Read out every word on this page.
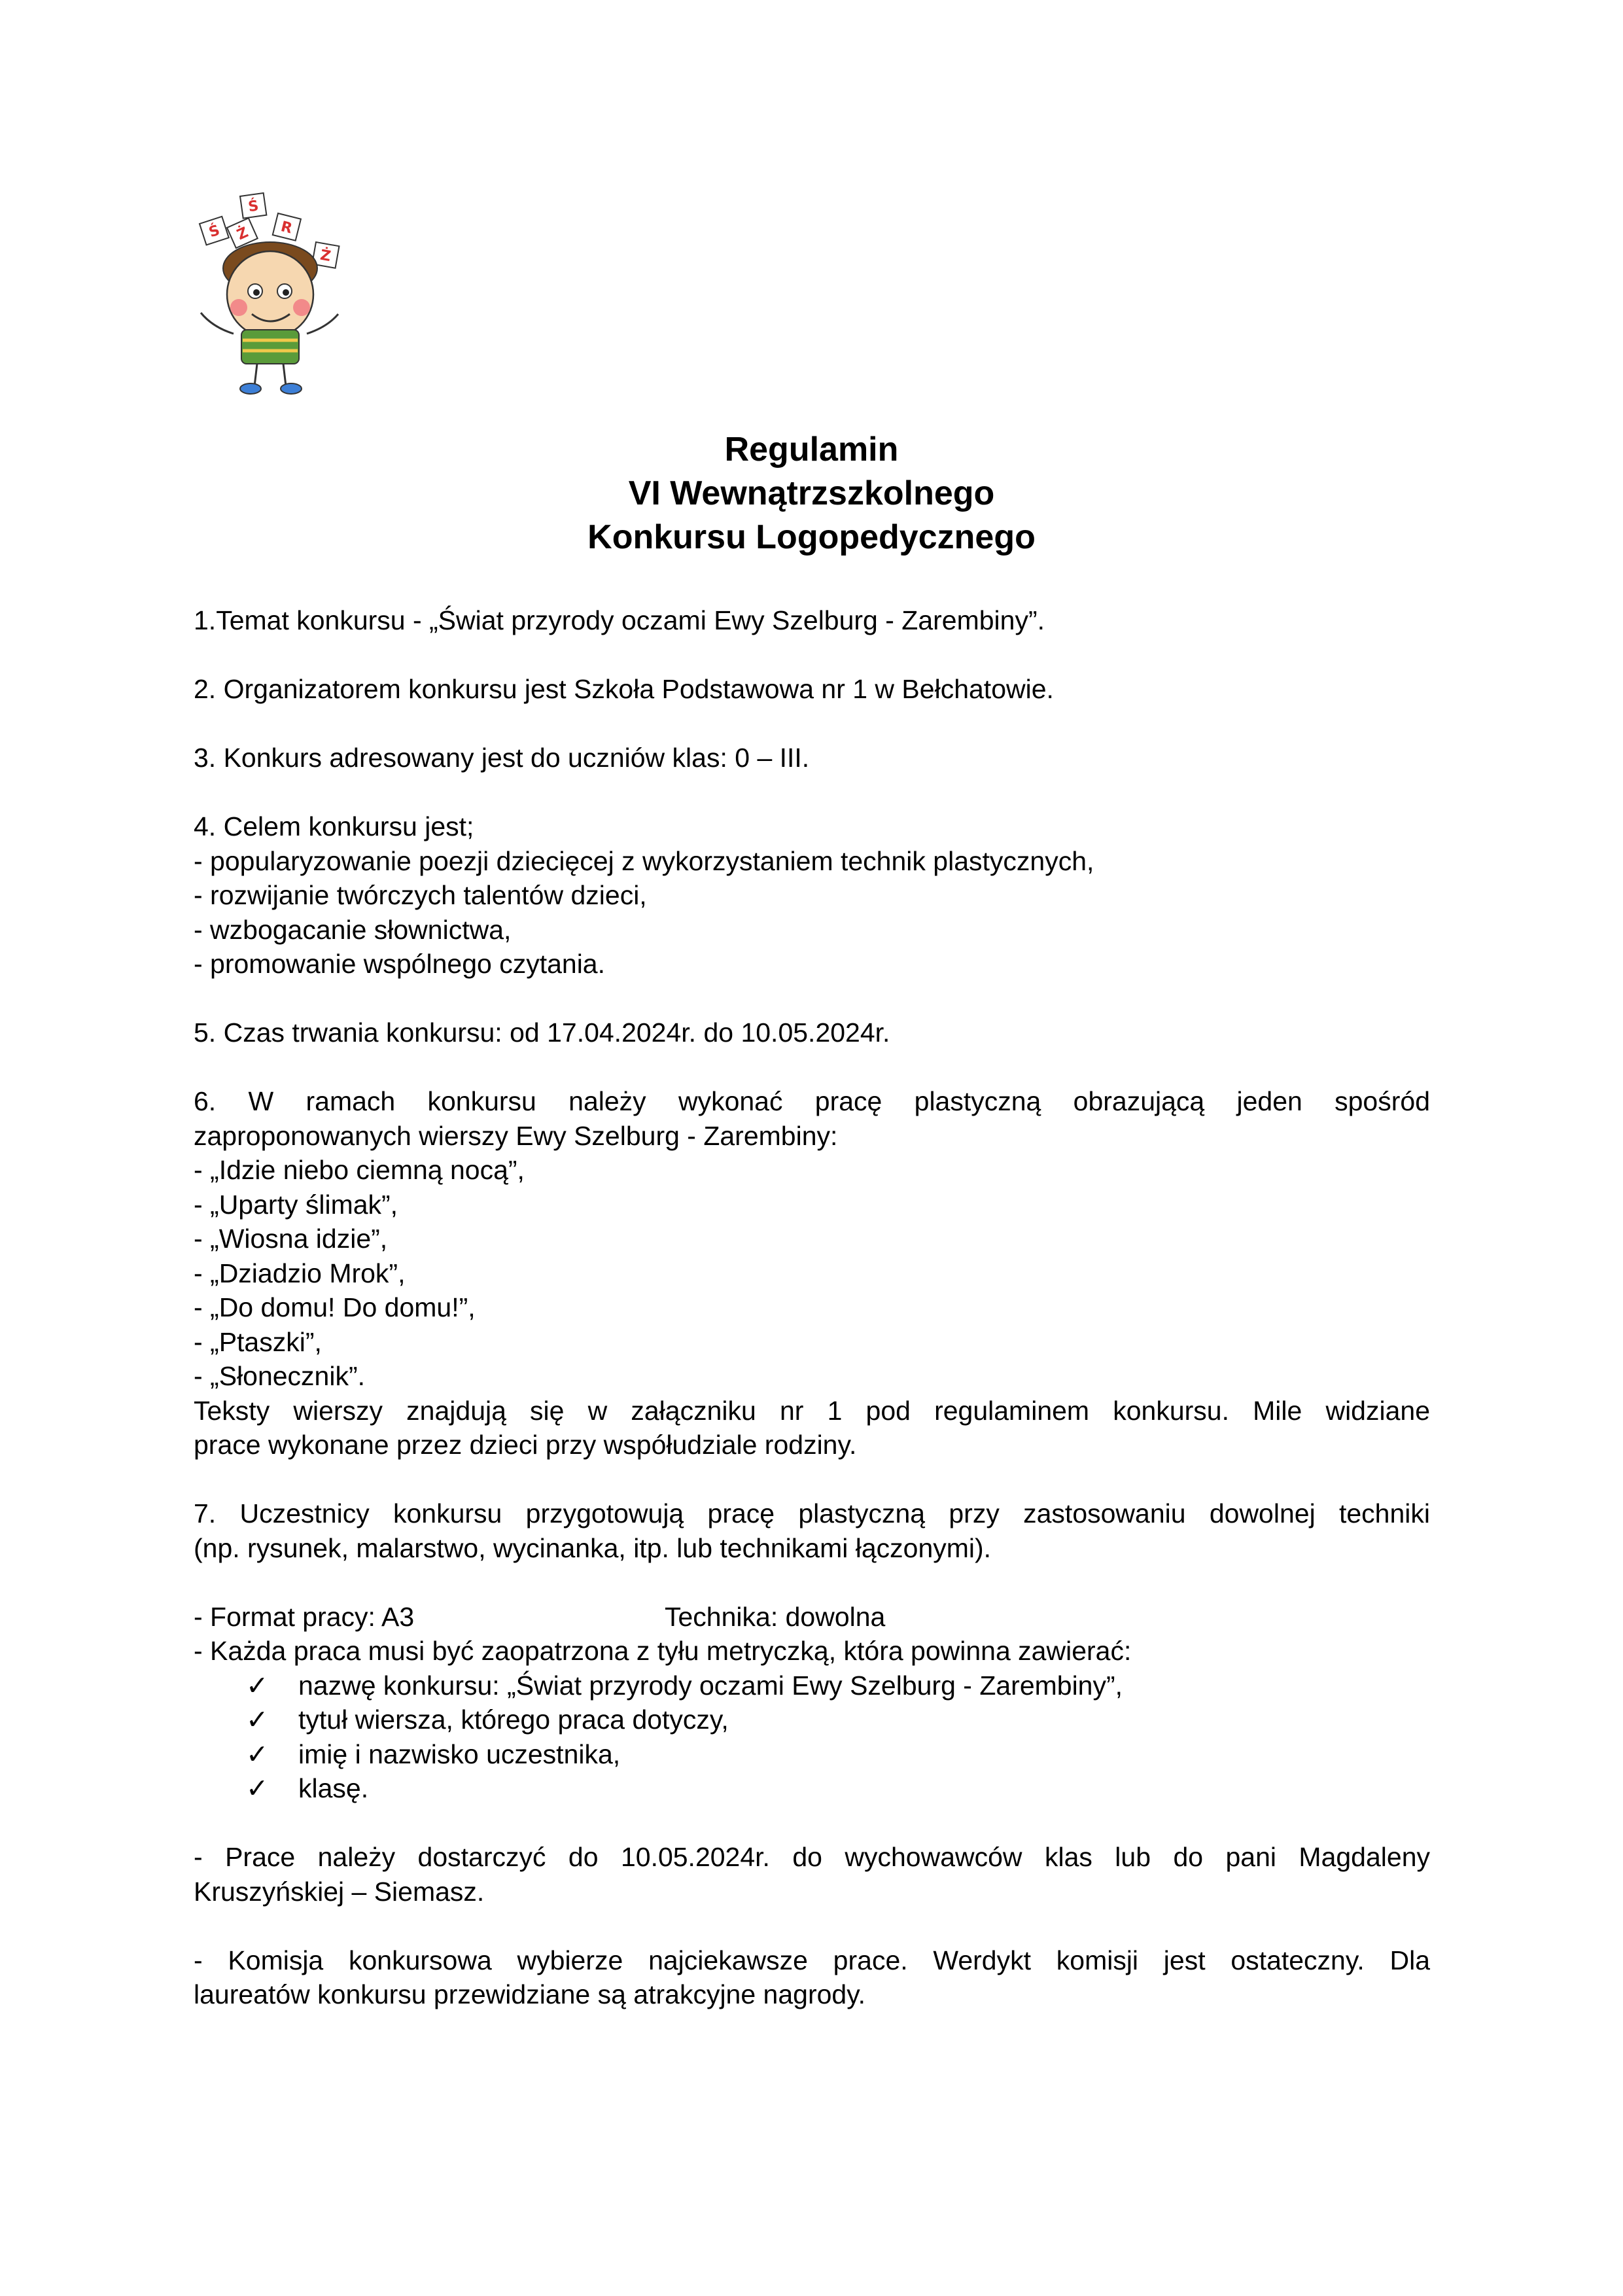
Ś
Ś
Ż R
Ż
Regulamin
VI Wewnątrzszkolnego
Konkursu Logopedycznego
1.Temat konkursu - „Świat przyrody oczami Ewy Szelburg - Zarembiny”.
2. Organizatorem konkursu jest Szkoła Podstawowa nr 1 w Bełchatowie.
3. Konkurs adresowany jest do uczniów klas: 0 – III.
4. Celem konkursu jest;
- popularyzowanie poezji dziecięcej z wykorzystaniem technik plastycznych,
- rozwijanie twórczych talentów dzieci,
- wzbogacanie słownictwa,
- promowanie wspólnego czytania.
5. Czas trwania konkursu: od 17.04.2024r. do 10.05.2024r.
6. W ramach konkursu należy wykonać pracę plastyczną obrazującą jeden spośród
zaproponowanych wierszy Ewy Szelburg - Zarembiny:
- „Idzie niebo ciemną nocą”,
- „Uparty ślimak”,
- „Wiosna idzie”,
- „Dziadzio Mrok”,
- „Do domu! Do domu!”,
- „Ptaszki”,
- „Słonecznik”.
Teksty wierszy znajdują się w załączniku nr 1 pod regulaminem konkursu. Mile widziane
prace wykonane przez dzieci przy współudziale rodziny.
7. Uczestnicy konkursu przygotowują pracę plastyczną przy zastosowaniu dowolnej techniki
(np. rysunek, malarstwo, wycinanka, itp. lub technikami łączonymi).
- Format pracy: A3	Technika: dowolna
- Każda praca musi być zaopatrzona z tyłu metryczką, która powinna zawierać:
✓ nazwę konkursu: „Świat przyrody oczami Ewy Szelburg - Zarembiny”,
✓ tytuł wiersza, którego praca dotyczy,
✓ imię i nazwisko uczestnika,
✓ klasę.
- Prace należy dostarczyć do 10.05.2024r. do wychowawców klas lub do pani Magdaleny
Kruszyńskiej – Siemasz.
- Komisja konkursowa wybierze najciekawsze prace. Werdykt komisji jest ostateczny. Dla
laureatów konkursu przewidziane są atrakcyjne nagrody.
